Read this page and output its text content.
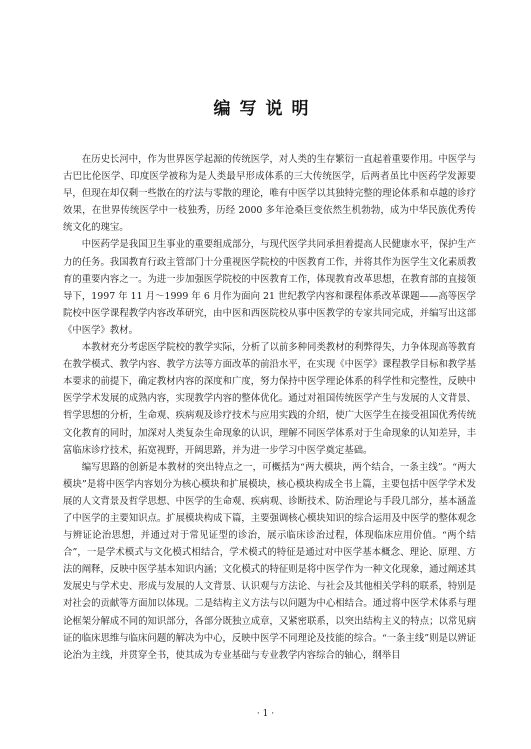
编写说明

在历史长河中，作为世界医学起源的传统医学，对人类的生存繁衍一直起着重要作用。中医学与古巴比伦医学、印度医学被称为是人类最早形成体系的三大传统医学，后两者虽比中医药学发源要早，但现在却仅剩一些散在的疗法与零散的理论，唯有中医学以其独特完整的理论体系和卓越的诊疗效果，在世界传统医学中一枝独秀，历经 2000 多年沧桑巨变依然生机勃勃，成为中华民族优秀传统文化的瑰宝。

中医药学是我国卫生事业的重要组成部分，与现代医学共同承担着提高人民健康水平，保护生产力的任务。我国教育行政主管部门十分重视医学院校的中医教育工作，并将其作为医学生文化素质教育的重要内容之一。为进一步加强医学院校的中医教育工作，体现教育改革思想，在教育部的直接领导下，1997 年 11 月～1999 年 6 月作为面向 21 世纪教学内容和课程体系改革课题——高等医学院校中医学课程教学内容改革研究，由中医和西医院校从事中医教学的专家共同完成，并编写出这部《中医学》教材。

本教材充分考虑医学院校的教学实际，分析了以前多种同类教材的利弊得失，力争体现高等教育在教学模式、教学内容、教学方法等方面改革的前沿水平，在实现《中医学》课程教学目标和教学基本要求的前提下，确定教材内容的深度和广度，努力保持中医学理论体系的科学性和完整性，反映中医学学术发展的成熟内容，实现教学内容的整体优化。通过对祖国传统医学产生与发展的人文背景、哲学思想的分析，生命观、疾病观及诊疗技术与应用实践的介绍，使广大医学生在接受祖国优秀传统文化教育的同时，加深对人类复杂生命现象的认识，理解不同医学体系对于生命现象的认知差异，丰富临床诊疗技术，拓宽视野，开阔思路，并为进一步学习中医学奠定基础。

编写思路的创新是本教材的突出特点之一，可概括为“两大模块，两个结合，一条主线”。“两大模块”是将中医学内容划分为核心模块和扩展模块，核心模块构成全书上篇，主要包括中医学学术发展的人文背景及哲学思想、中医学的生命观、疾病观、诊断技术、防治理论与手段几部分，基本涵盖了中医学的主要知识点。扩展模块构成下篇，主要强调核心模块知识的综合运用及中医学的整体观念与辨证论治思想，并通过对于常见证型的诊治，展示临床诊治过程，体现临床应用价值。“两个结合”，一是学术模式与文化模式相结合，学术模式的特征是通过对中医学基本概念、理论、原理、方法的阐释，反映中医学基本知识内涵；文化模式的特征则是将中医学作为一种文化现象，通过阐述其发展史与学术史、形成与发展的人文背景、认识观与方法论、与社会及其他相关学科的联系，特别是对社会的贡献等方面加以体现。二是结构主义方法与以问题为中心相结合。通过将中医学术体系与理论框架分解成不同的知识部分，各部分既独立成章，又紧密联系，以突出结构主义的特点；以常见病证的临床思维与临床问题的解决为中心，反映中医学不同理论及技能的综合。“一条主线”则是以辨证论治为主线，并贯穿全书，使其成为专业基础与专业教学内容综合的轴心，纲举目

· 1 ·
